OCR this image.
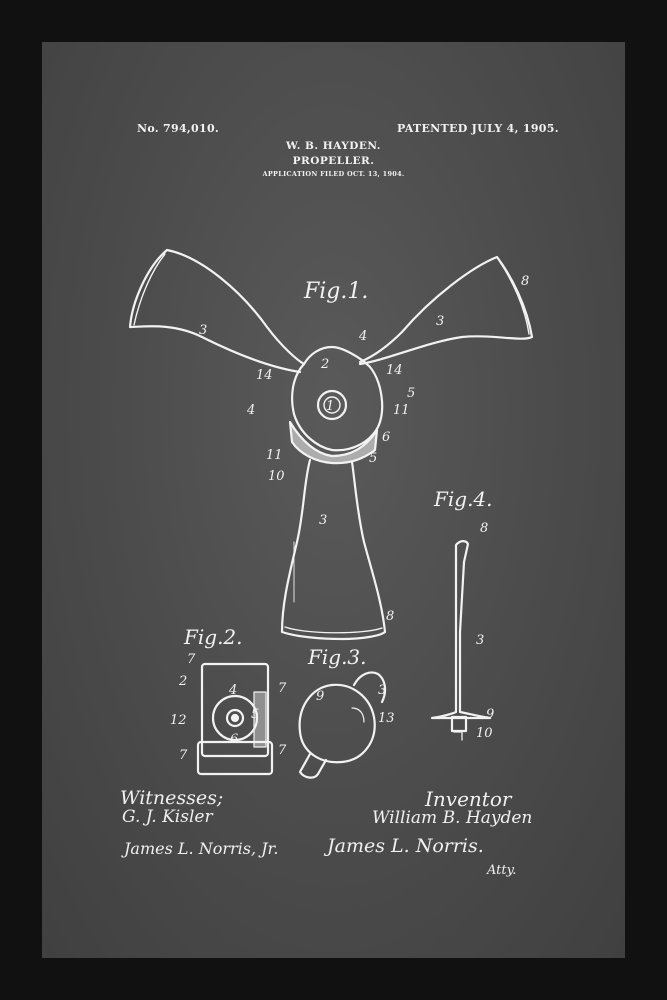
No. 794,010.	PATENTED JULY 4, 1905.
W. B. HAYDEN.
PROPELLER.
APPLICATION FILED OCT. 13, 1904.
Fig.1.
Fig.2.
Fig.3.
Fig.4.
3
3
8
4
2
14	14
5
4	1	11
6
11	5
10
3
8
7
2
4	7
12	5
6
7	7
9	3
13
8
3
9
10
Witnesses;	Inventor
G. J. Kisler	William B. Hayden
James L. Norris, Jr.	James L. Norris.
Atty.
